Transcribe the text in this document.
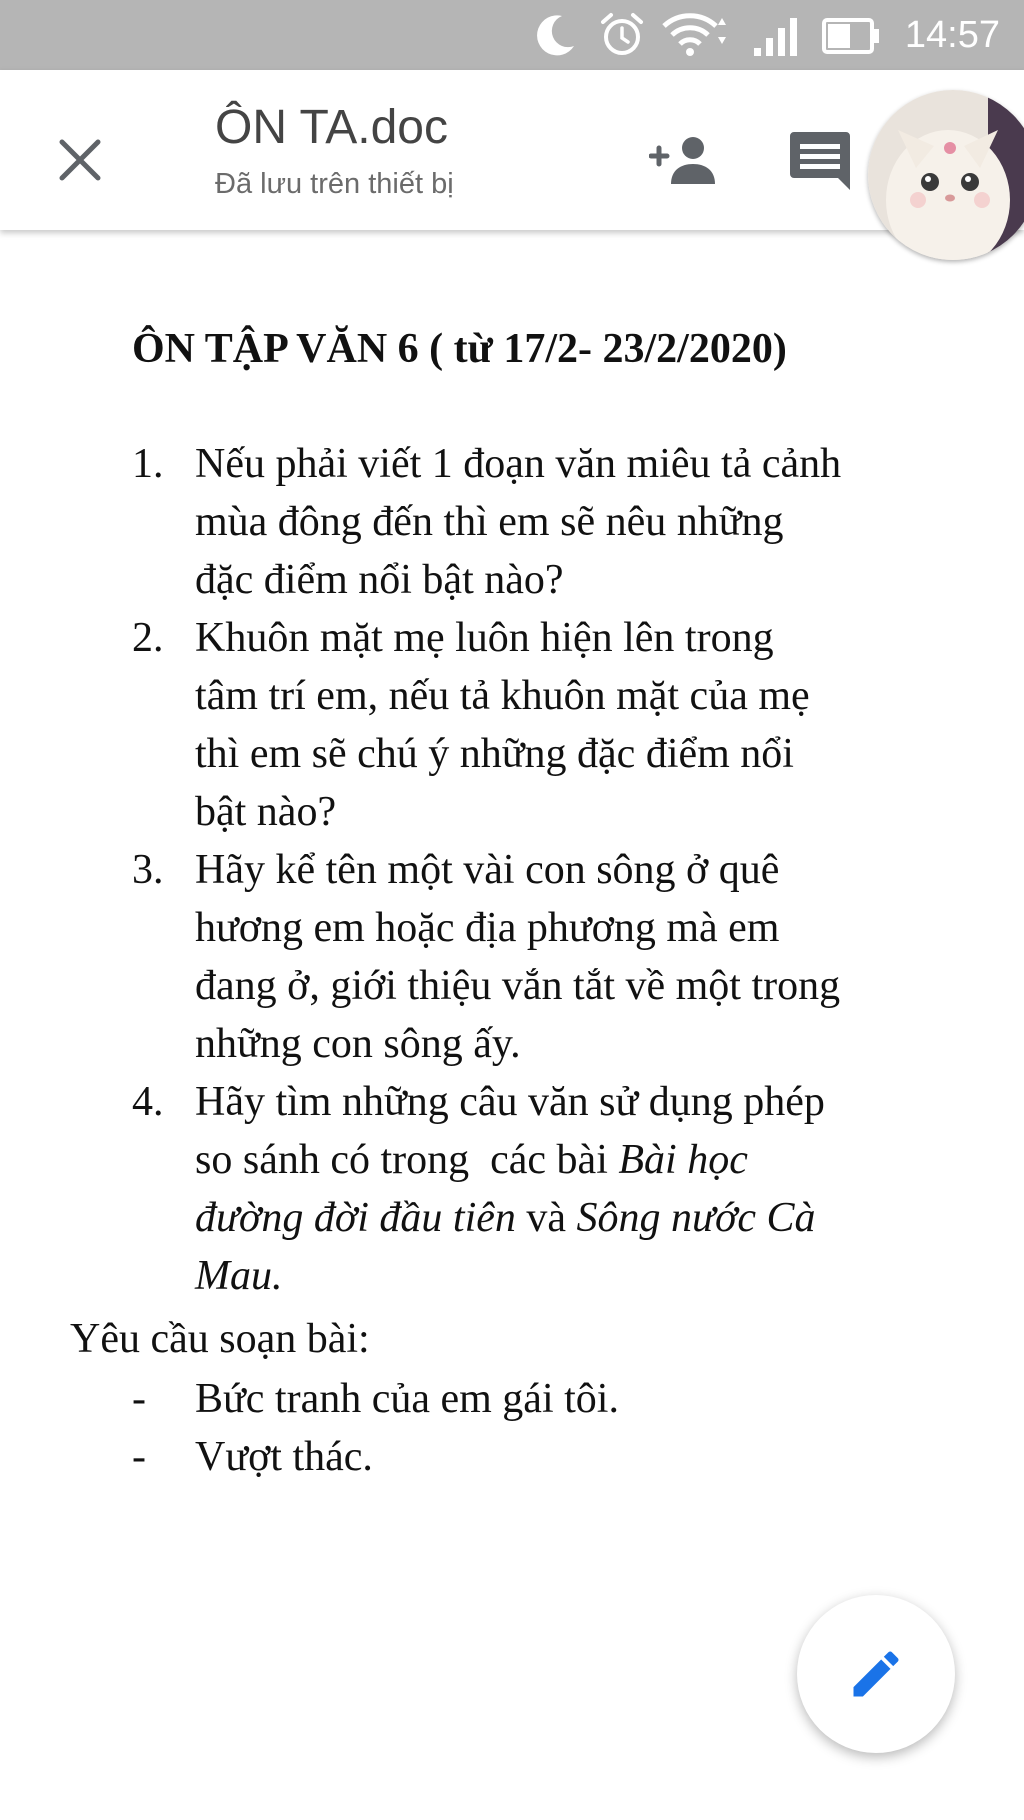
14:57
ÔN TA.doc
Đã lưu trên thiết bị
ÔN TẬP VĂN 6 ( từ 17/2- 23/2/2020)
1. Nếu phải viết 1 đoạn văn miêu tả cảnh
mùa đông đến thì em sẽ nêu những
đặc điểm nổi bật nào?
2. Khuôn mặt mẹ luôn hiện lên trong
tâm trí em, nếu tả khuôn mặt của mẹ
thì em sẽ chú ý những đặc điểm nổi
bật nào?
3. Hãy kể tên một vài con sông ở quê
hương em hoặc địa phương mà em
đang ở, giới thiệu vắn tắt về một trong
những con sông ấy.
4. Hãy tìm những câu văn sử dụng phép
so sánh có trong  các bài Bài học
đường đời đầu tiên và Sông nước Cà
Mau.
Yêu cầu soạn bài:
- Bức tranh của em gái tôi.
- Vượt thác.
